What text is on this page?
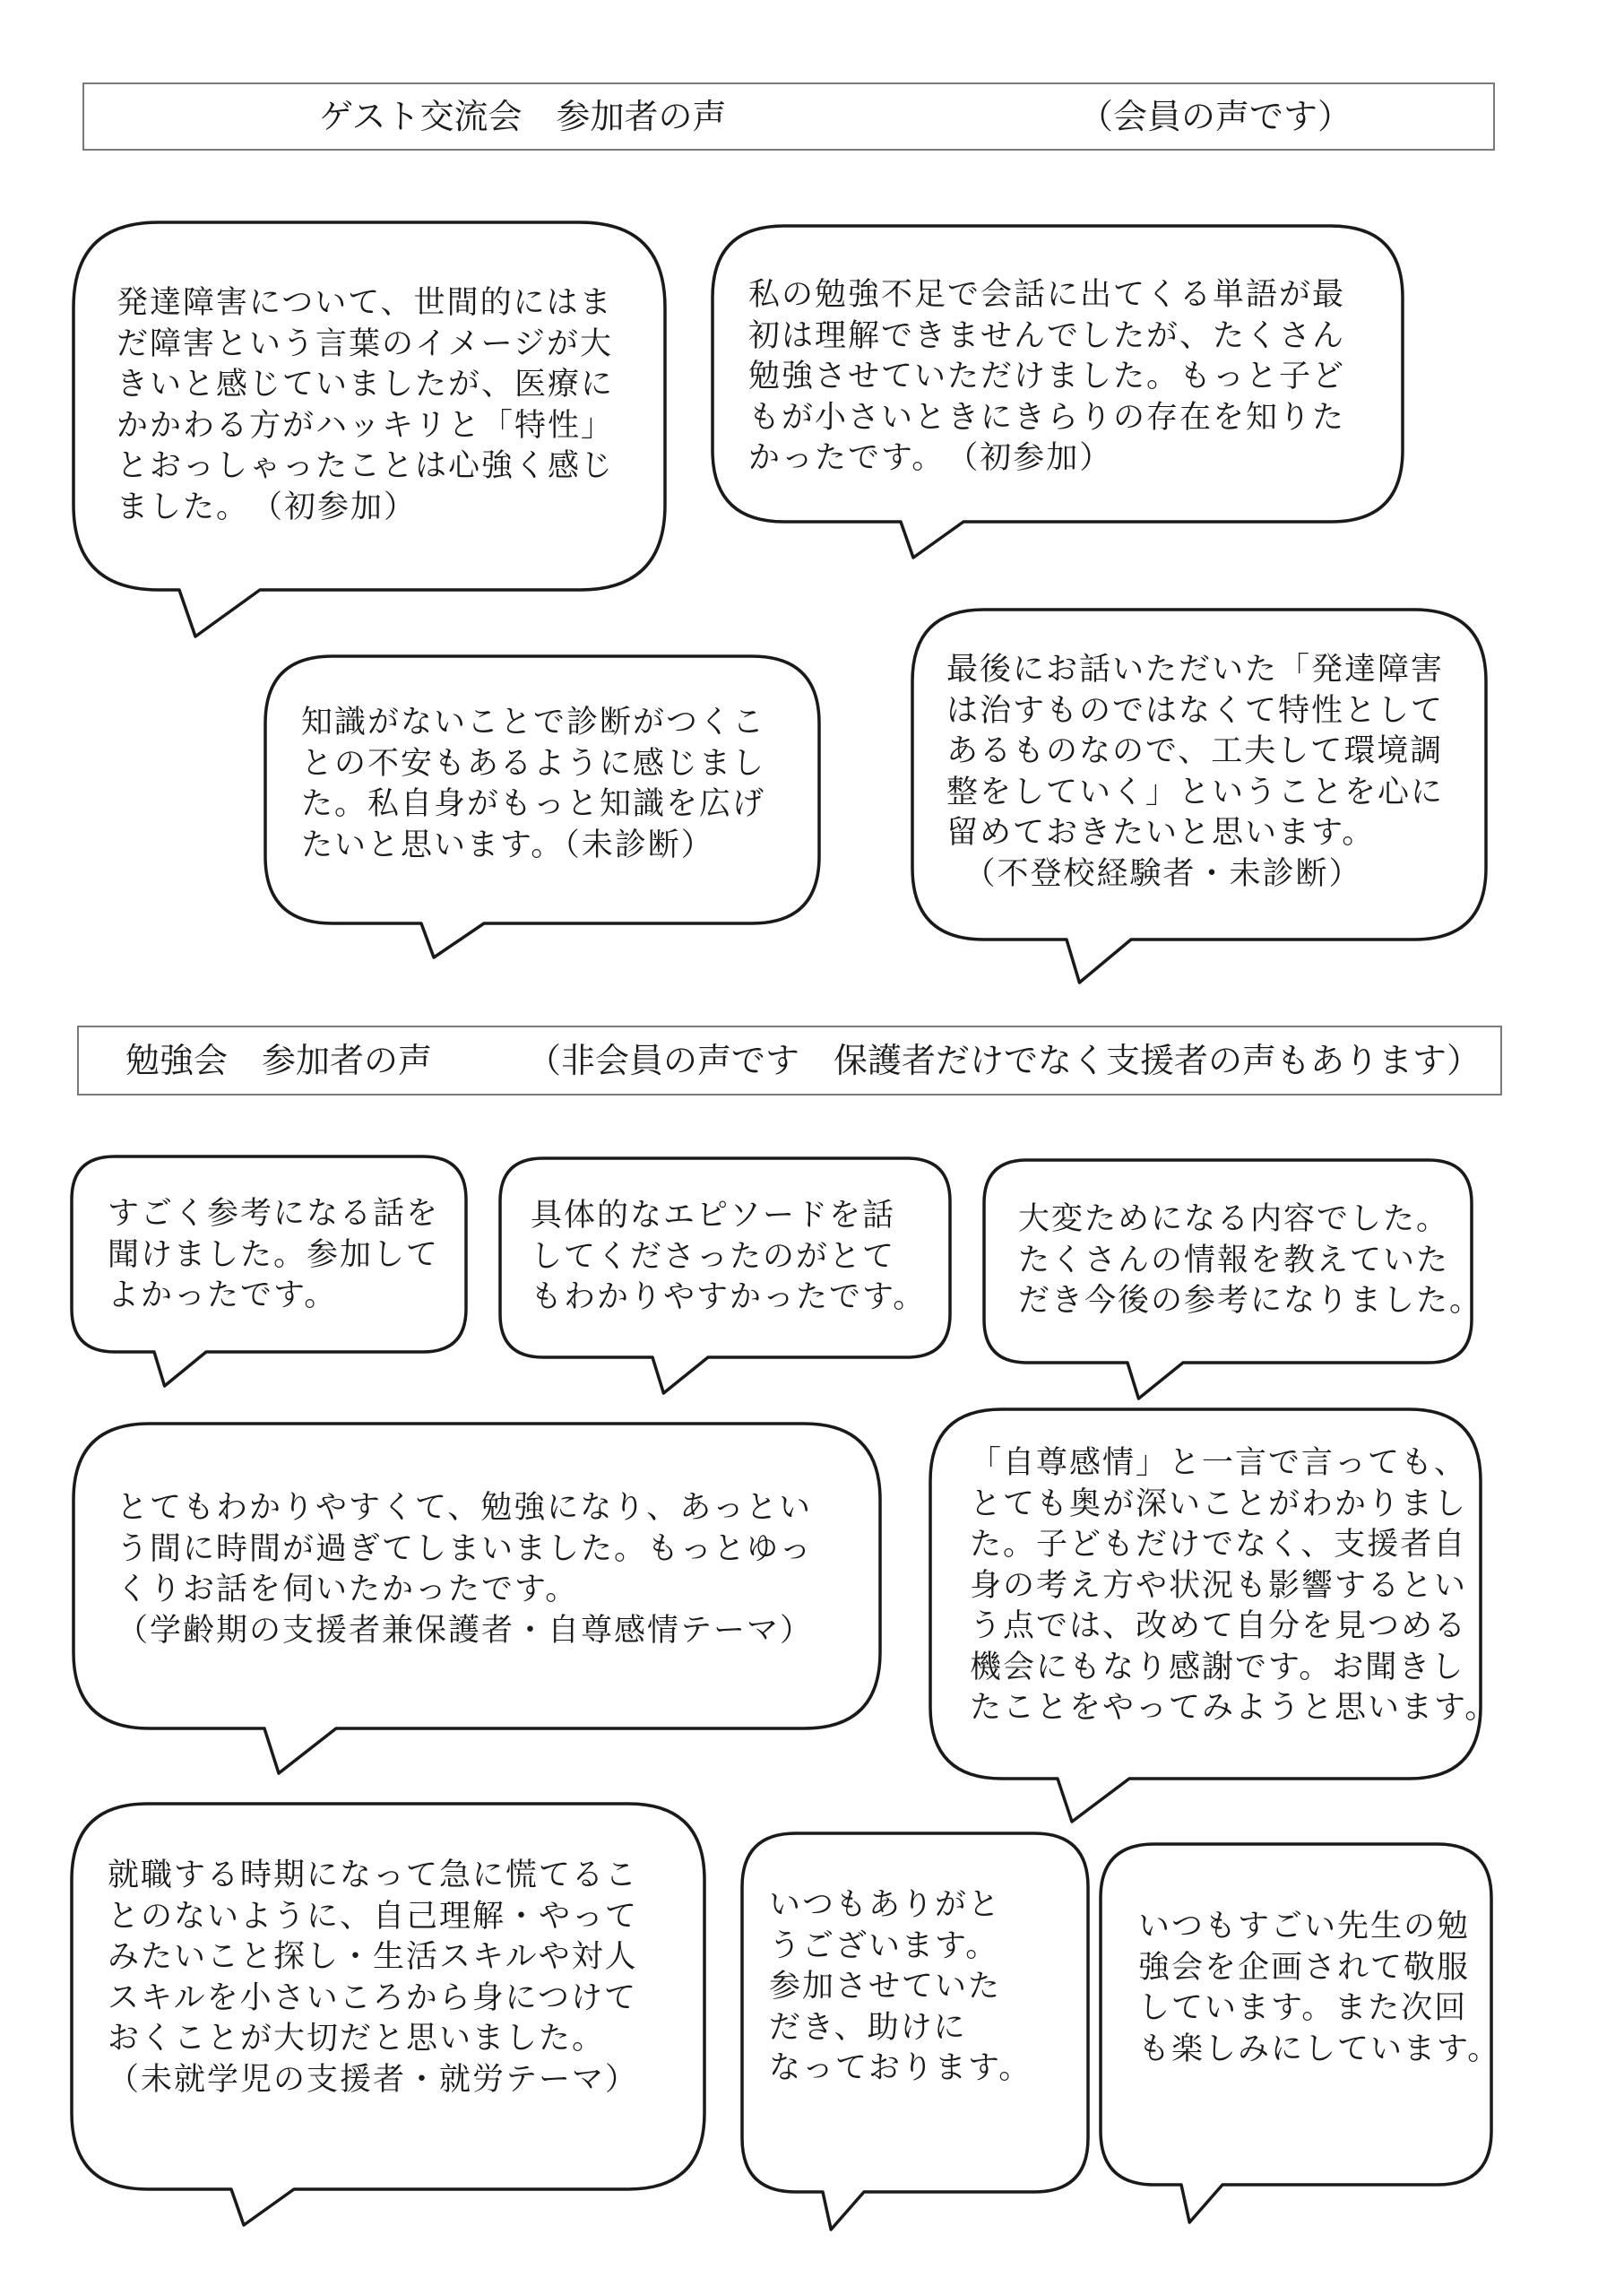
ゲスト交流会　参加者の声	（会員の声です）
勉強会　参加者の声	（非会員の声です　保護者だけでなく支援者の声もあります）
発達障害について、世間的にはま
だ障害という言葉のイメージが大
きいと感じていましたが、医療に
かかわる方がハッキリと「特性」
とおっしゃったことは心強く感じ
ました。　（初参加）
私の勉強不足で会話に出てくる単語が最
初は理解できませんでしたが、たくさん
勉強させていただけました。もっと子ど
もが小さいときにきらりの存在を知りた
かったです。　（初参加）
知識がないことで診断がつくこ
との不安もあるように感じまし
た。私自身がもっと知識を広げ
たいと思います。（未診断）
最後にお話いただいた「発達障害
は治すものではなくて特性として
あるものなので、工夫して環境調
整をしていく」ということを心に
留めておきたいと思います。
　（不登校経験者・未診断）
すごく参考になる話を
聞けました。参加して
よかったです。
具体的なエピソードを話
してくださったのがとて
もわかりやすかったです。
大変ためになる内容でした。
たくさんの情報を教えていた
だき今後の参考になりました。
とてもわかりやすくて、勉強になり、あっとい
う間に時間が過ぎてしまいました。もっとゆっ
くりお話を伺いたかったです。
（学齢期の支援者兼保護者・自尊感情テーマ）
「自尊感情」と一言で言っても、
とても奥が深いことがわかりまし
た。子どもだけでなく、支援者自
身の考え方や状況も影響するとい
う点では、改めて自分を見つめる
機会にもなり感謝です。お聞きし
たことをやってみようと思います。
就職する時期になって急に慌てるこ
とのないように、自己理解・やって
みたいこと探し・生活スキルや対人
スキルを小さいころから身につけて
おくことが大切だと思いました。
（未就学児の支援者・就労テーマ）
いつもありがと
うございます。
参加させていた
だき、助けに
なっております。
いつもすごい先生の勉
強会を企画されて敬服
しています。また次回
も楽しみにしています。
